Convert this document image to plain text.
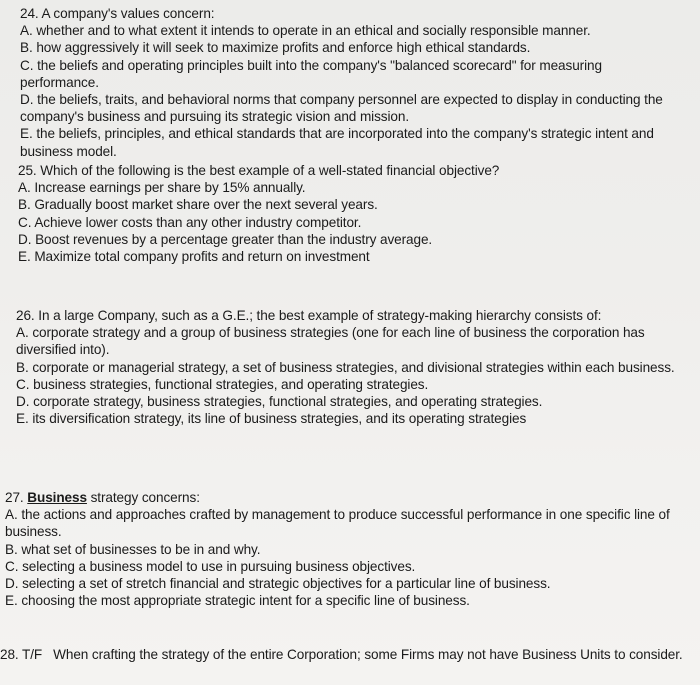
24. A company's values concern:

A. whether and to what extent it intends to operate in an ethical and socially responsible manner.

B. how aggressively it will seek to maximize profits and enforce high ethical standards.

C. the beliefs and operating principles built into the company's "balanced scorecard" for measuring performance.

D. the beliefs, traits, and behavioral norms that company personnel are expected to display in conducting the company's business and pursuing its strategic vision and mission.

E. the beliefs, principles, and ethical standards that are incorporated into the company's strategic intent and business model.

25. Which of the following is the best example of a well-stated financial objective?

A. Increase earnings per share by 15% annually.

B. Gradually boost market share over the next several years.

C. Achieve lower costs than any other industry competitor.

D. Boost revenues by a percentage greater than the industry average.

E. Maximize total company profits and return on investment

26. In a large Company, such as a G.E.; the best example of strategy-making hierarchy consists of:

A. corporate strategy and a group of business strategies (one for each line of business the corporation has diversified into).

B. corporate or managerial strategy, a set of business strategies, and divisional strategies within each business.

C. business strategies, functional strategies, and operating strategies.

D. corporate strategy, business strategies, functional strategies, and operating strategies.

E. its diversification strategy, its line of business strategies, and its operating strategies

27. Business strategy concerns:

A. the actions and approaches crafted by management to produce successful performance in one specific line of business.

B. what set of businesses to be in and why.

C. selecting a business model to use in pursuing business objectives.

D. selecting a set of stretch financial and strategic objectives for a particular line of business.

E. choosing the most appropriate strategic intent for a specific line of business.

28. T/F   When crafting the strategy of the entire Corporation; some Firms may not have Business Units to consider.
